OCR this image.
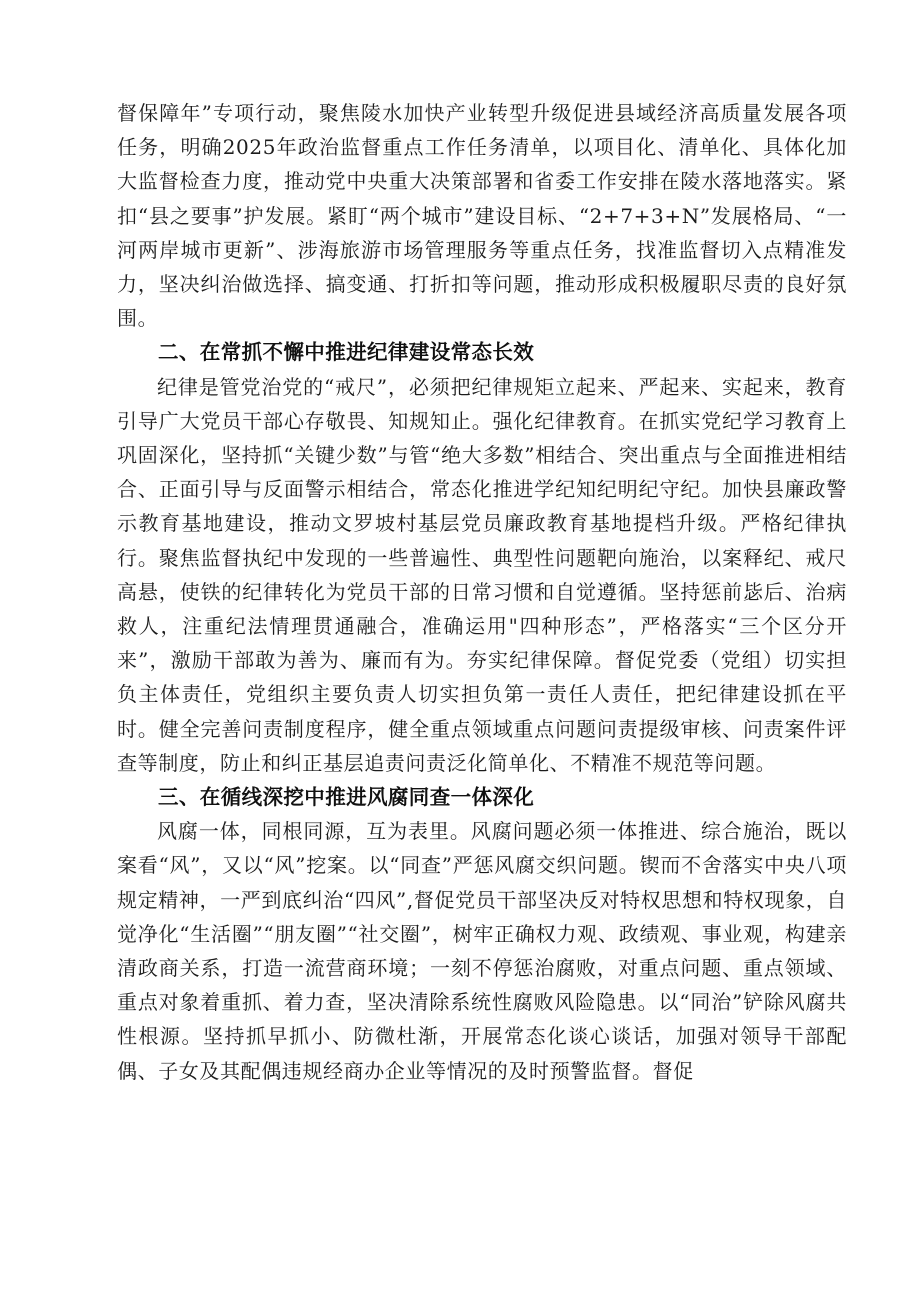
督保障年”专项行动，聚焦陵水加快产业转型升级促进县域经济高质量发展各项任务，明确2025年政治监督重点工作任务清单，以项目化、清单化、具体化加大监督检查力度，推动党中央重大决策部署和省委工作安排在陵水落地落实。紧扣“县之要事”护发展。紧盯“两个城市”建设目标、“2+7+3+N”发展格局、“一河两岸城市更新”、涉海旅游市场管理服务等重点任务，找准监督切入点精准发力，坚决纠治做选择、搞变通、打折扣等问题，推动形成积极履职尽责的良好氛围。

二、在常抓不懈中推进纪律建设常态长效

纪律是管党治党的“戒尺”，必须把纪律规矩立起来、严起来、实起来，教育引导广大党员干部心存敬畏、知规知止。强化纪律教育。在抓实党纪学习教育上巩固深化，坚持抓“关键少数”与管“绝大多数”相结合、突出重点与全面推进相结合、正面引导与反面警示相结合，常态化推进学纪知纪明纪守纪。加快县廉政警示教育基地建设，推动文罗坡村基层党员廉政教育基地提档升级。严格纪律执行。聚焦监督执纪中发现的一些普遍性、典型性问题靶向施治，以案释纪、戒尺高悬，使铁的纪律转化为党员干部的日常习惯和自觉遵循。坚持惩前毖后、治病救人，注重纪法情理贯通融合，准确运用"四种形态”，严格落实“三个区分开来”，激励干部敢为善为、廉而有为。夯实纪律保障。督促党委（党组）切实担负主体责任，党组织主要负责人切实担负第一责任人责任，把纪律建设抓在平时。健全完善问责制度程序，健全重点领域重点问题问责提级审核、问责案件评查等制度，防止和纠正基层追责问责泛化简单化、不精准不规范等问题。

三、在循线深挖中推进风腐同查一体深化

风腐一体，同根同源，互为表里。风腐问题必须一体推进、综合施治，既以案看“风”，又以“风”挖案。以“同查”严惩风腐交织问题。锲而不舍落实中央八项规定精神，一严到底纠治“四风”,督促党员干部坚决反对特权思想和特权现象，自觉净化“生活圈”“朋友圈”“社交圈”，树牢正确权力观、政绩观、事业观，构建亲清政商关系，打造一流营商环境；一刻不停惩治腐败，对重点问题、重点领域、重点对象着重抓、着力查，坚决清除系统性腐败风险隐患。以“同治”铲除风腐共性根源。坚持抓早抓小、防微杜渐，开展常态化谈心谈话，加强对领导干部配偶、子女及其配偶违规经商办企业等情况的及时预警监督。督促
